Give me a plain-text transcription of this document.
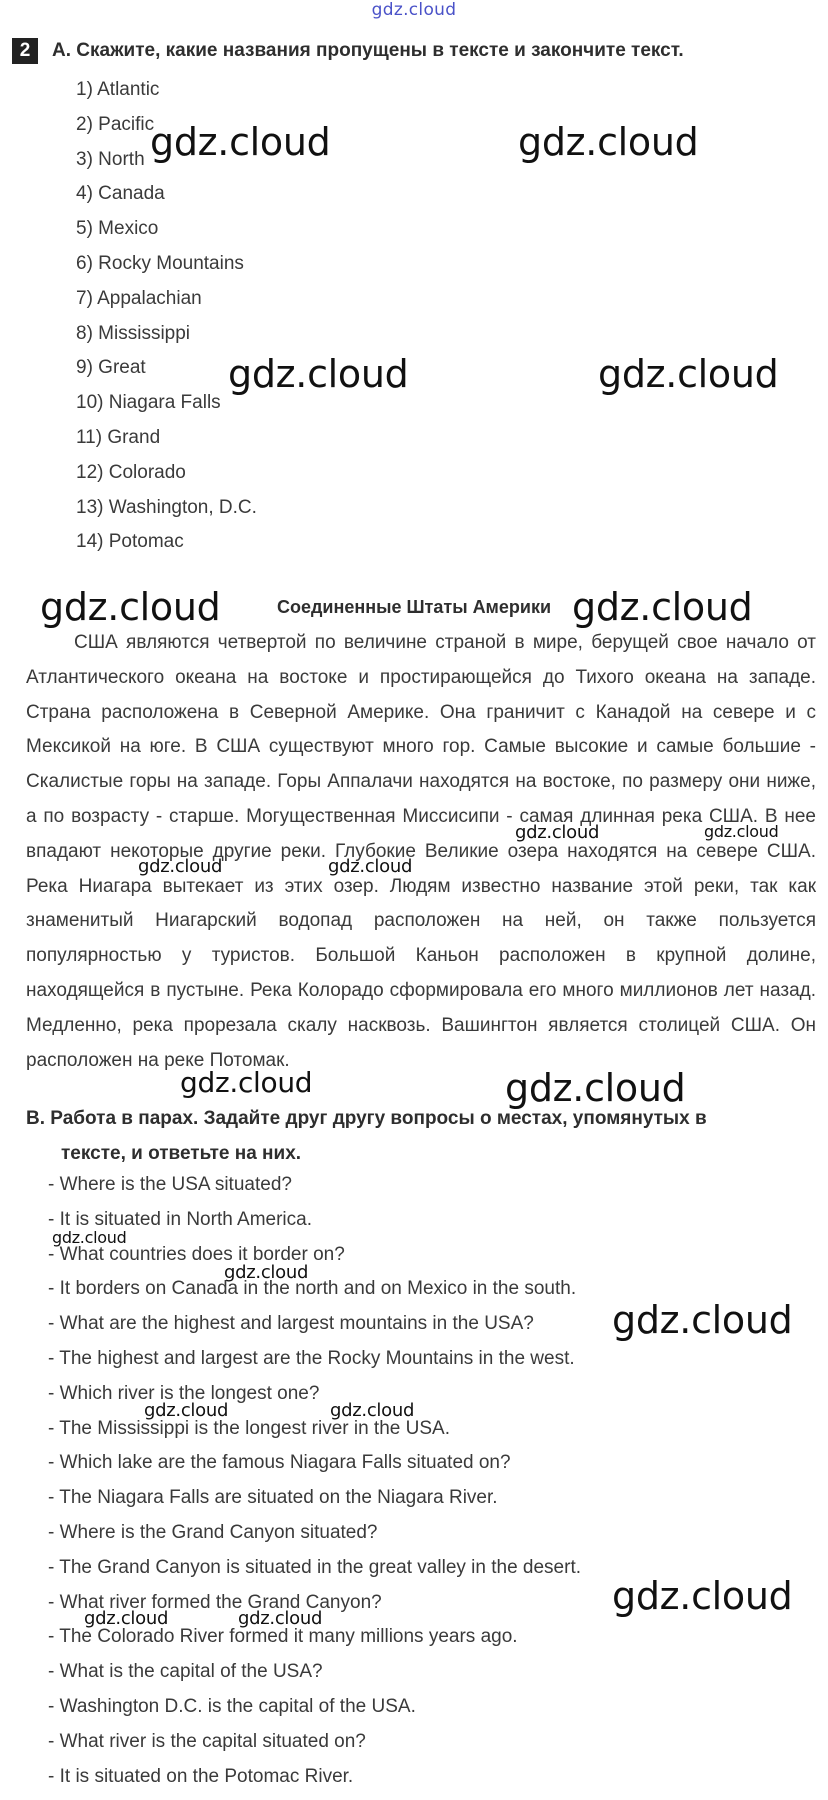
gdz.cloud
2	A. Скажите, какие названия пропущены в тексте и закончите текст.
1) Atlantic
2) Pacific
3) North
4) Canada
5) Mexico
6) Rocky Mountains
7) Appalachian
8) Mississippi
9) Great
10) Niagara Falls
11) Grand
12) Colorado
13) Washington, D.C.
14) Potomac
Соединенные Штаты Америки

США являются четвертой по величине страной в мире, берущей свое начало от Атлантического океана на востоке и простирающейся до Тихого океана на западе. Страна расположена в Северной Америке. Она граничит с Канадой на севере и с Мексикой на юге. В США существуют много гор. Самые высокие и самые большие - Скалистые горы на западе. Горы Аппалачи находятся на востоке, по размеру они ниже, а по возрасту - старше. Могущественная Миссисипи - самая длинная река США. В нее впадают некоторые другие реки. Глубокие Великие озера находятся на севере США. Река Ниагара вытекает из этих озер. Людям известно название этой реки, так как знаменитый Ниагарский водопад расположен на ней, он также пользуется популярностью у туристов. Большой Каньон расположен в крупной долине, находящейся в пустыне. Река Колорадо сформировала его много миллионов лет назад. Медленно, река прорезала скалу насквозь. Вашингтон является столицей США. Он расположен на реке Потомак.

B. Работа в парах. Задайте друг другу вопросы о местах, упомянутых в
тексте, и ответьте на них.
- Where is the USA situated?
- It is situated in North America.
- What countries does it border on?
- It borders on Canada in the north and on Mexico in the south.
- What are the highest and largest mountains in the USA?
- The highest and largest are the Rocky Mountains in the west.
- Which river is the longest one?
- The Mississippi is the longest river in the USA.
- Which lake are the famous Niagara Falls situated on?
- The Niagara Falls are situated on the Niagara River.
- Where is the Grand Canyon situated?
- The Grand Canyon is situated in the great valley in the desert.
- What river formed the Grand Canyon?
- The Colorado River formed it many millions years ago.
- What is the capital of the USA?
- Washington D.C. is the capital of the USA.
- What river is the capital situated on?
- It is situated on the Potomac River.
gdz.cloud	gdz.cloud
gdz.cloud	gdz.cloud
gdz.cloud	gdz.cloud
gdz.cloud	gdz.cloud
gdz.cloud	gdz.cloud
gdz.cloud	gdz.cloud
gdz.cloud
gdz.cloud
gdz.cloud
gdz.cloud	gdz.cloud
gdz.cloud
gdz.cloud	gdz.cloud
